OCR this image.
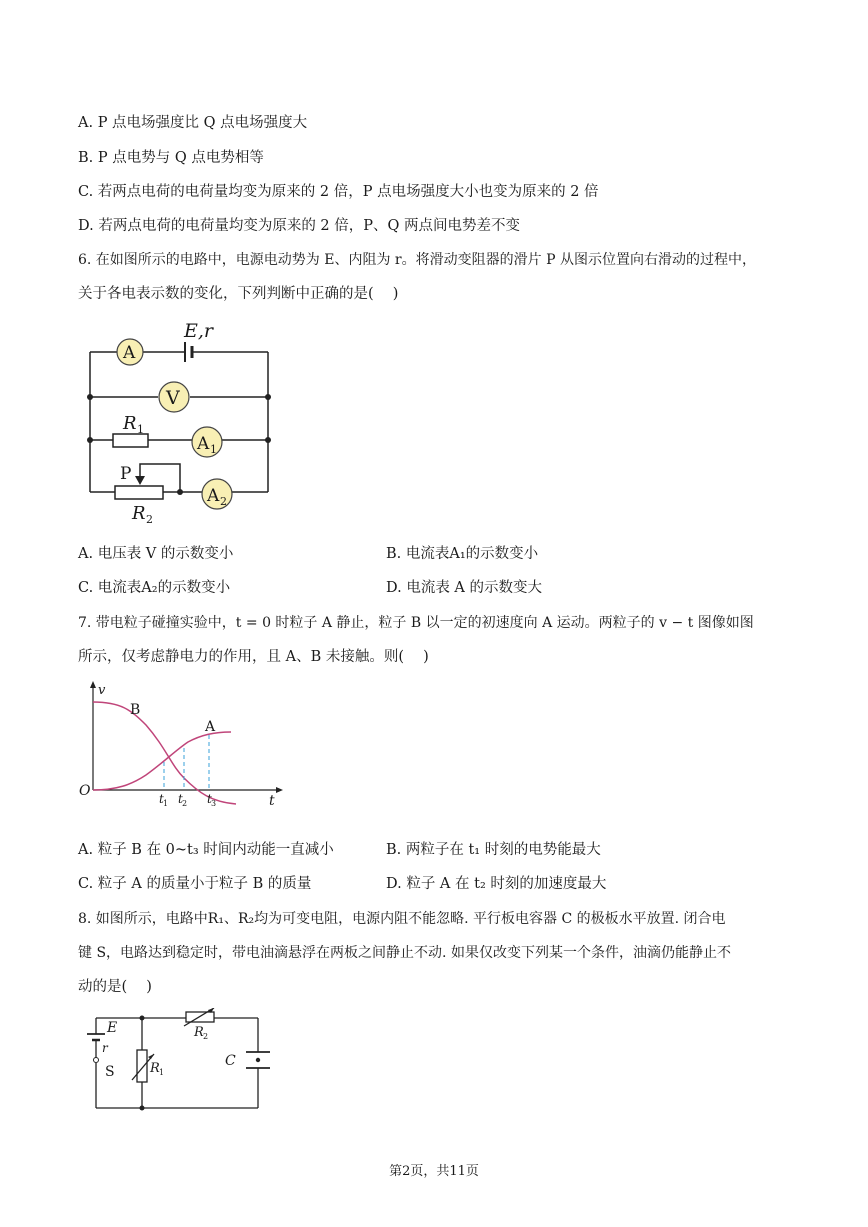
A. P 点电场强度比 Q 点电场强度大
B. P 点电势与 Q 点电势相等
C. 若两点电荷的电荷量均变为原来的 2 倍，P 点电场强度大小也变为原来的 2 倍
D. 若两点电荷的电荷量均变为原来的 2 倍，P、Q 两点间电势差不变
6. 在如图所示的电路中，电源电动势为 E、内阻为 r。将滑动变阻器的滑片 P 从图示位置向右滑动的过程中，
关于各电表示数的变化，下列判断中正确的是(　 )
A
V
A 1
A 2
E,r
R 1
P
R 2
A. 电压表 V 的示数变小	B. 电流表A₁的示数变小
C. 电流表A₂的示数变小	D. 电流表 A 的示数变大
7. 带电粒子碰撞实验中，t = 0 时粒子 A 静止，粒子 B 以一定的初速度向 A 运动。两粒子的 v − t 图像如图
所示，仅考虑静电力的作用，且 A、B 未接触。则(　 )
v
t
O
B
A
t 1 t 2 t 3
A. 粒子 B 在 0~t₃ 时间内动能一直减小	B. 两粒子在 t₁ 时刻的电势能最大
C. 粒子 A 的质量小于粒子 B 的质量	D. 粒子 A 在 t₂ 时刻的加速度最大
8. 如图所示，电路中R₁、R₂均为可变电阻，电源内阻不能忽略. 平行板电容器 C 的极板水平放置. 闭合电
键 S，电路达到稳定时，带电油滴悬浮在两板之间静止不动. 如果仅改变下列某一个条件，油滴仍能静止不
动的是(　 )
E
r
S	R 1
R 2
C
第2页，共11页
